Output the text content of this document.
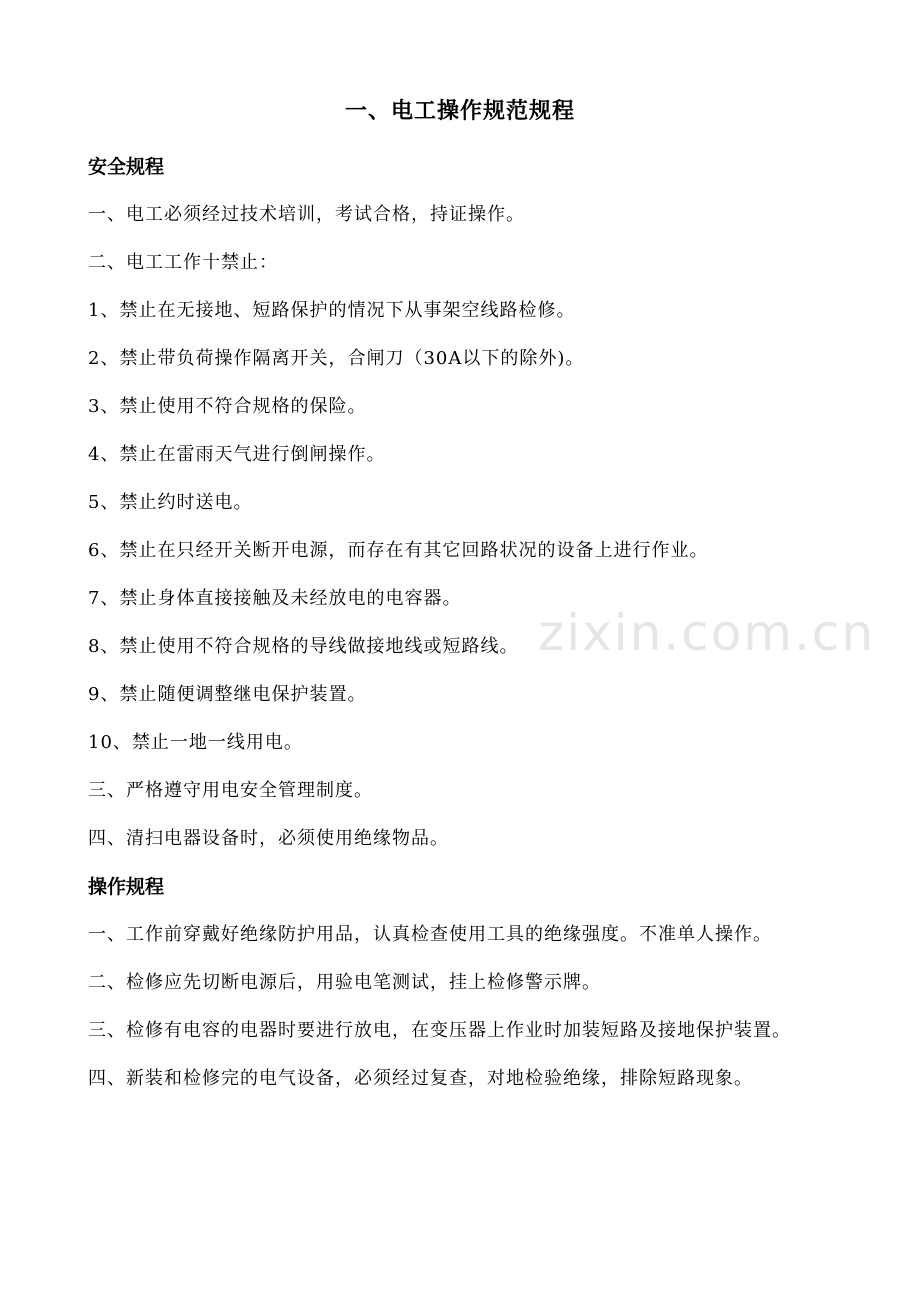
一、电工操作规范规程
安全规程
一、电工必须经过技术培训，考试合格，持证操作。
二、电工工作十禁止：
1、禁止在无接地、短路保护的情况下从事架空线路检修。
2、禁止带负荷操作隔离开关，合闸刀（30A以下的除外)。
3、禁止使用不符合规格的保险。
4、禁止在雷雨天气进行倒闸操作。
5、禁止约时送电。
6、禁止在只经开关断开电源，而存在有其它回路状况的设备上进行作业。
7、禁止身体直接接触及未经放电的电容器。
8、禁止使用不符合规格的导线做接地线或短路线。
9、禁止随便调整继电保护装置。
10、禁止一地一线用电。
三、严格遵守用电安全管理制度。
四、清扫电器设备时，必须使用绝缘物品。
操作规程

一、工作前穿戴好绝缘防护用品，认真检查使用工具的绝缘强度。不准单人操作。

二、检修应先切断电源后，用验电笔测试，挂上检修警示牌。

三、检修有电容的电器时要进行放电，在变压器上作业时加装短路及接地保护装置。

四、新装和检修完的电气设备，必须经过复查，对地检验绝缘，排除短路现象。
zixin.com.cn
